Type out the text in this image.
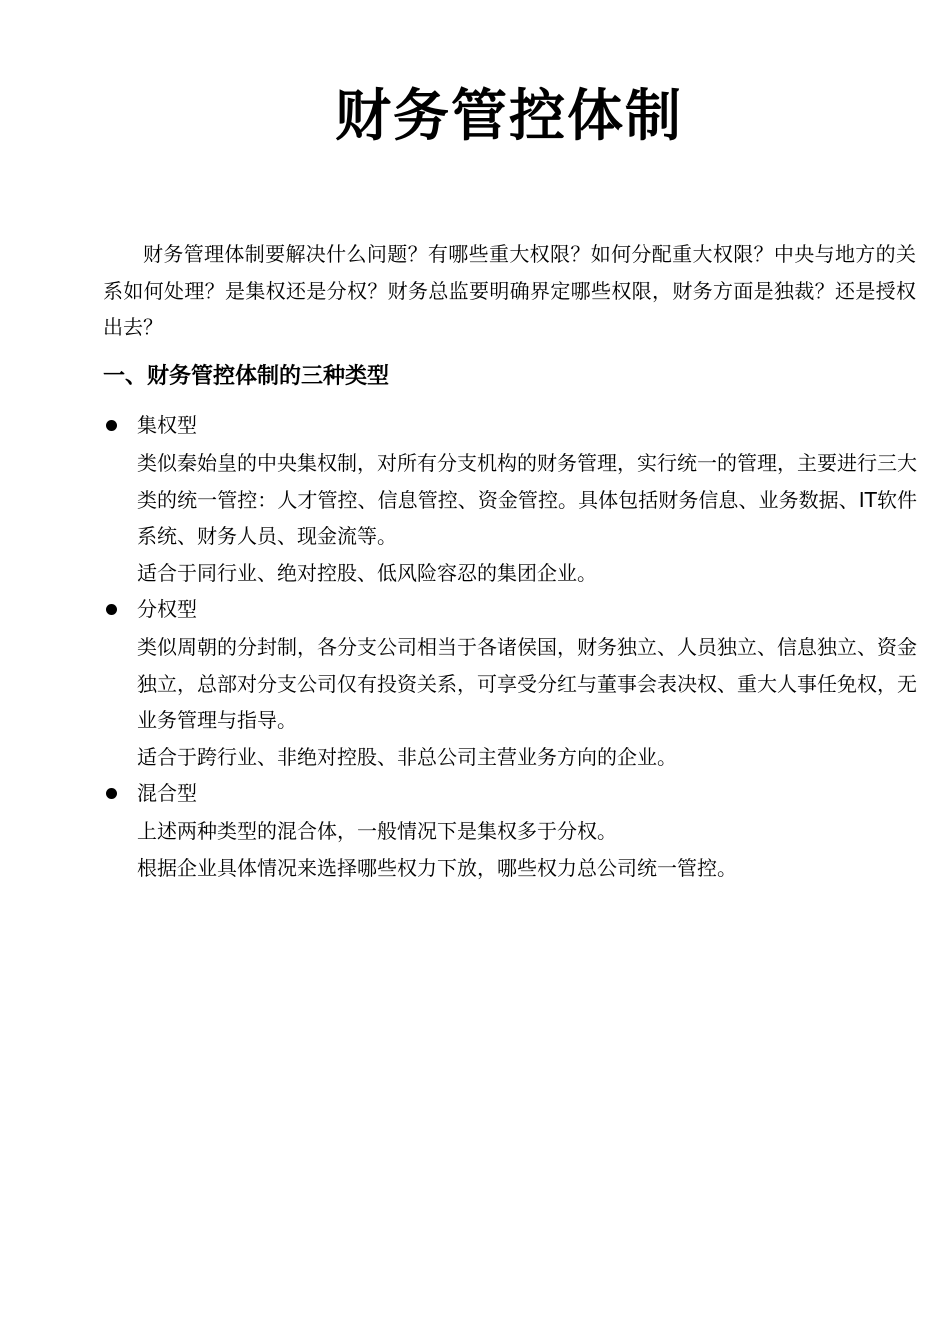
财务管控体制

财务管理体制要解决什么问题？有哪些重大权限？如何分配重大权限？中央与地方的关系如何处理？是集权还是分权？财务总监要明确界定哪些权限，财务方面是独裁？还是授权出去？

一、财务管控体制的三种类型
集权型

类似秦始皇的中央集权制，对所有分支机构的财务管理，实行统一的管理，主要进行三大类的统一管控：人才管控、信息管控、资金管控。具体包括财务信息、业务数据、IT软件系统、财务人员、现金流等。

适合于同行业、绝对控股、低风险容忍的集团企业。

分权型

类似周朝的分封制，各分支公司相当于各诸侯国，财务独立、人员独立、信息独立、资金独立，总部对分支公司仅有投资关系，可享受分红与董事会表决权、重大人事任免权，无业务管理与指导。

适合于跨行业、非绝对控股、非总公司主营业务方向的企业。

混合型

上述两种类型的混合体，一般情况下是集权多于分权。

根据企业具体情况来选择哪些权力下放，哪些权力总公司统一管控。
